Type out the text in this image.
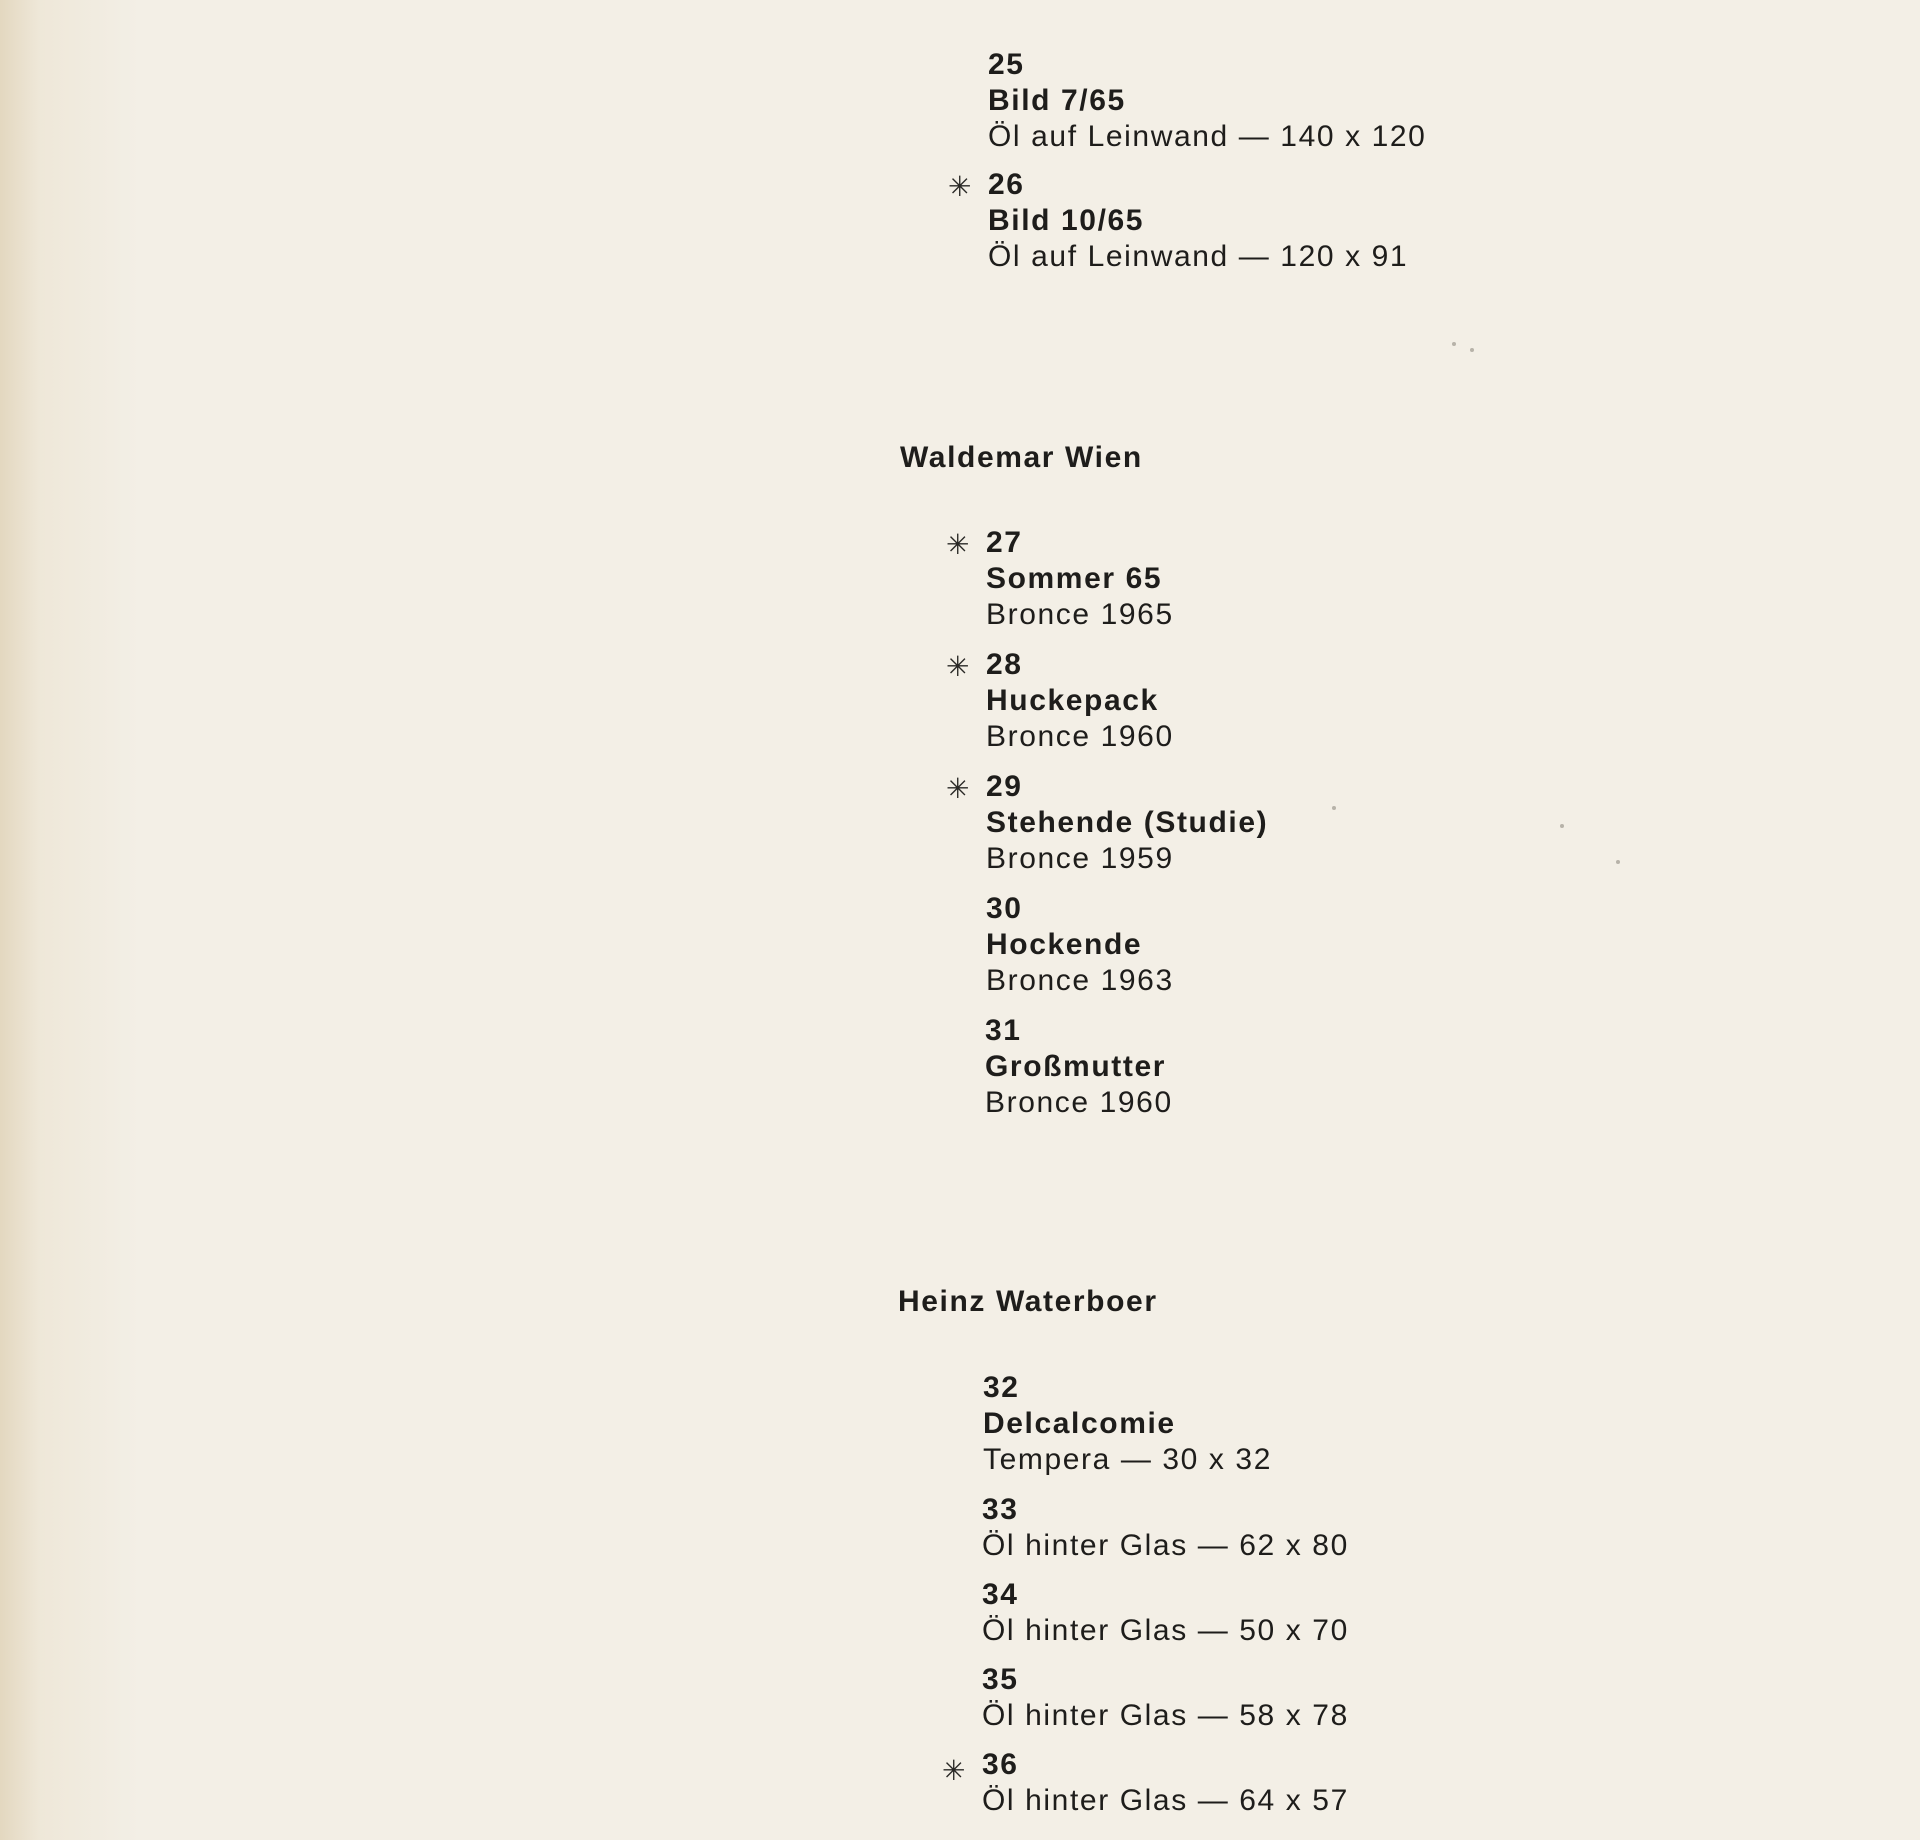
25
Bild 7/65
Öl auf Leinwand — 140 x 120
✳ 26
Bild 10/65
Öl auf Leinwand — 120 x 91
Waldemar Wien
✳ 27
Sommer 65
Bronce 1965
✳ 28
Huckepack
Bronce 1960
✳ 29
Stehende (Studie)
Bronce 1959
30
Hockende
Bronce 1963
31
Großmutter
Bronce 1960
Heinz Waterboer
32
Delcalcomie
Tempera — 30 x 32
33
Öl hinter Glas — 62 x 80
34
Öl hinter Glas — 50 x 70
35
Öl hinter Glas — 58 x 78
✳ 36
Öl hinter Glas — 64 x 57
